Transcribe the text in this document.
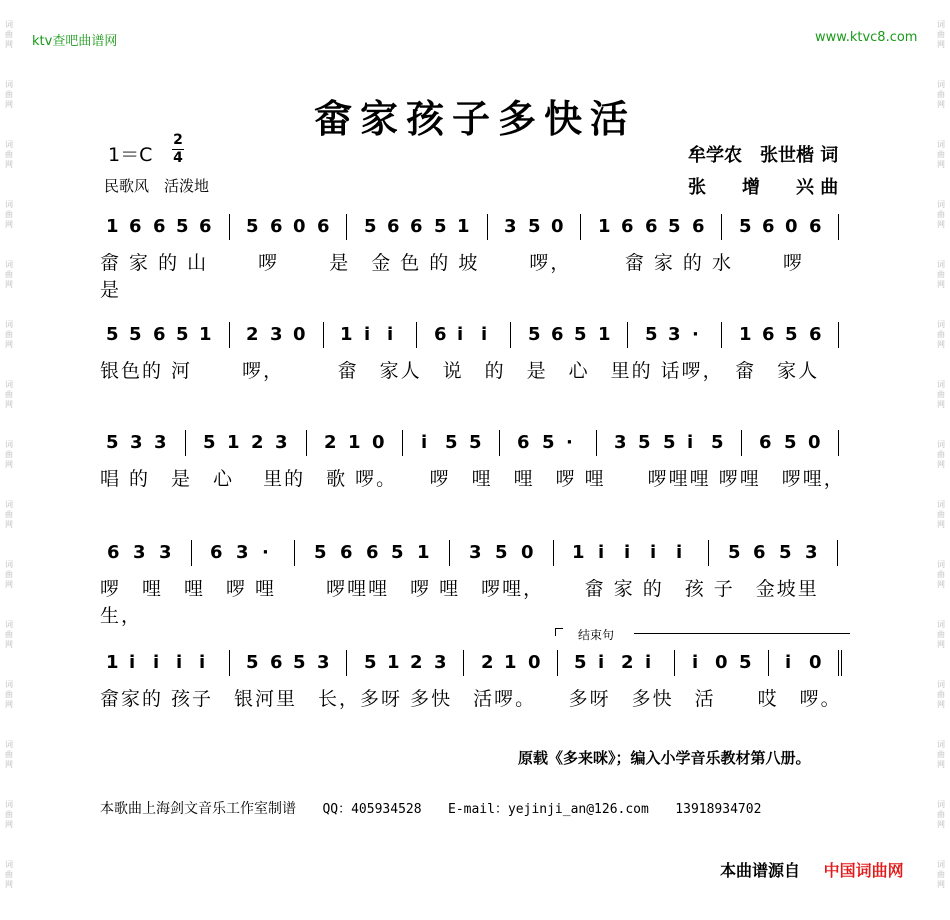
词
曲
网
词
曲
网
词
曲
网
词
曲
网
词
曲
网
词
曲
网
词
曲
网
词
曲
网
词
曲
网
词
曲
网
词
曲
网
词
曲
网
词
曲
网
词
曲
网
词
曲
网
词
曲
网
词
曲
网
词
曲
网
词
曲
网
词
曲
网
词
曲
网
词
曲
网
词
曲
网
词
曲
网
词
曲
网
词
曲
网
词
曲
网
词
曲
网
词
曲
网
词
曲
网
ktv查吧曲谱网	www.ktvc8.com
畲家孩子多快活
1＝C
2
4
民歌风　活泼地
牟学农　张世楷 词
张　　增　　兴 曲
1 6 6 5 6 5 6 0 6 5 6 6 5 1 3 5 0 1 6 6 5 6 5 6 0 6
畲 家 的 山　　 啰　　 是　金 色 的 坡　　 啰，　　　畲 家 的 水　　 啰　　 是
5 5 6 5 1 2 3 0 1 i i 6 i i 5 6 5 1 5 3 · 1 6 5 6
银色的 河　　 啰，　　　畲　家人　说　的　是　心　里的 话啰，　畲　家人
5 3 3 5 1 2 3 2 1 0 i 5 5 6 5 · 3 5 5 i 5 6 5 0
唱 的　是　心　 里的　歌 啰。　　啰　哩　哩　啰 哩　　啰哩哩 啰哩　啰哩，
6 3 3 6 3 ·	5 6 6 5 1 3 5 0 1 i i i i	5 6 5 3
啰　哩　哩　啰 哩　　 啰哩哩　啰 哩　啰哩，　　 畲 家 的　孩 子　金坡里　生，
1 i i i i 5 6 5 3 5 1 2 3 2 1 0 5 i 2 i i 0 5 i 0
畲家的 孩子　银河里　长，多呀 多快　活啰。　　多呀　多快　活　　哎　啰。
结束句
原载《多来咪》；编入小学音乐教材第八册。
本歌曲上海剑文音乐工作室制谱 QQ：405934528 E-mail：yejinji_an@126.com 13918934702
本曲谱源自 中国词曲网
